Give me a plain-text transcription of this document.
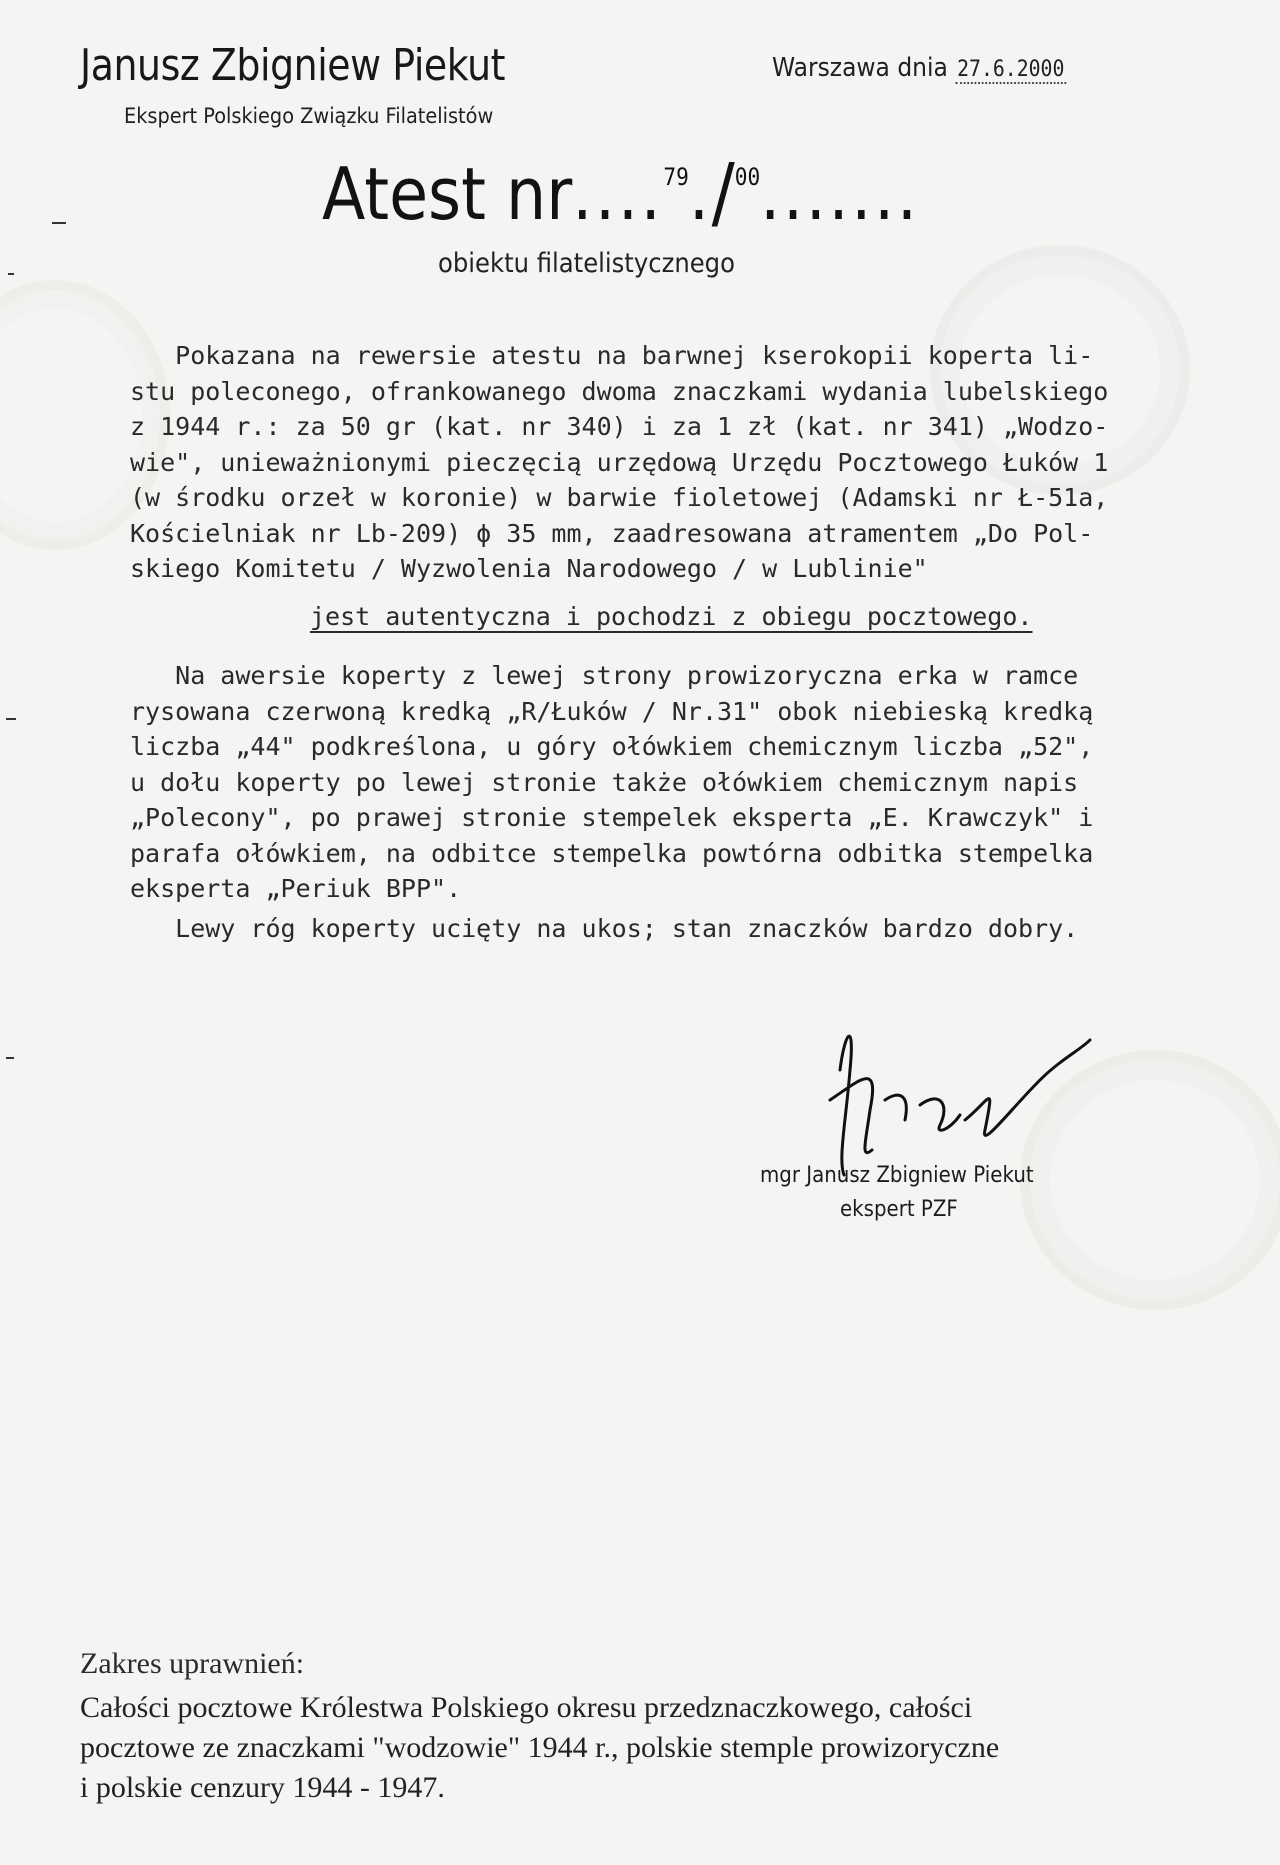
Janusz Zbigniew Piekut
Ekspert Polskiego Związku Filatelistów
Warszawa dnia 27.6.2000
Atest nr....$^{79}$./$^{00}$.......
obiektu filatelistycznego
Pokazana na rewersie atestu na barwnej kserokopii koperta li-
stu poleconego, ofrankowanego dwoma znaczkami wydania lubelskiego
z 1944 r.: za 50 gr (kat. nr 340) i za 1 zł (kat. nr 341) „Wodzo-
wie", unieważnionymi pieczęcią urzędową Urzędu Pocztowego Łuków 1
(w środku orzeł w koronie) w barwie fioletowej (Adamski nr Ł-51a,
Kościelniak nr Lb-209) ϕ 35 mm, zaadresowana atramentem „Do Pol-
skiego Komitetu / Wyzwolenia Narodowego / w Lublinie"
jest autentyczna i pochodzi z obiegu pocztowego.
Na awersie koperty z lewej strony prowizoryczna erka w ramce
rysowana czerwoną kredką „R/Łuków / Nr.31" obok niebieską kredką
liczba „44" podkreślona, u góry ołówkiem chemicznym liczba „52",
u dołu koperty po lewej stronie także ołówkiem chemicznym napis
„Polecony", po prawej stronie stempelek eksperta „E. Krawczyk" i
parafa ołówkiem, na odbitce stempelka powtórna odbitka stempelka
eksperta „Periuk BPP".
Lewy róg koperty ucięty na ukos; stan znaczków bardzo dobry.
mgr Janusz Zbigniew Piekut
ekspert PZF
Zakres uprawnień:
Całości pocztowe Królestwa Polskiego okresu przedznaczkowego, całości
pocztowe ze znaczkami "wodzowie" 1944 r., polskie stemple prowizoryczne
i polskie cenzury 1944 - 1947.
